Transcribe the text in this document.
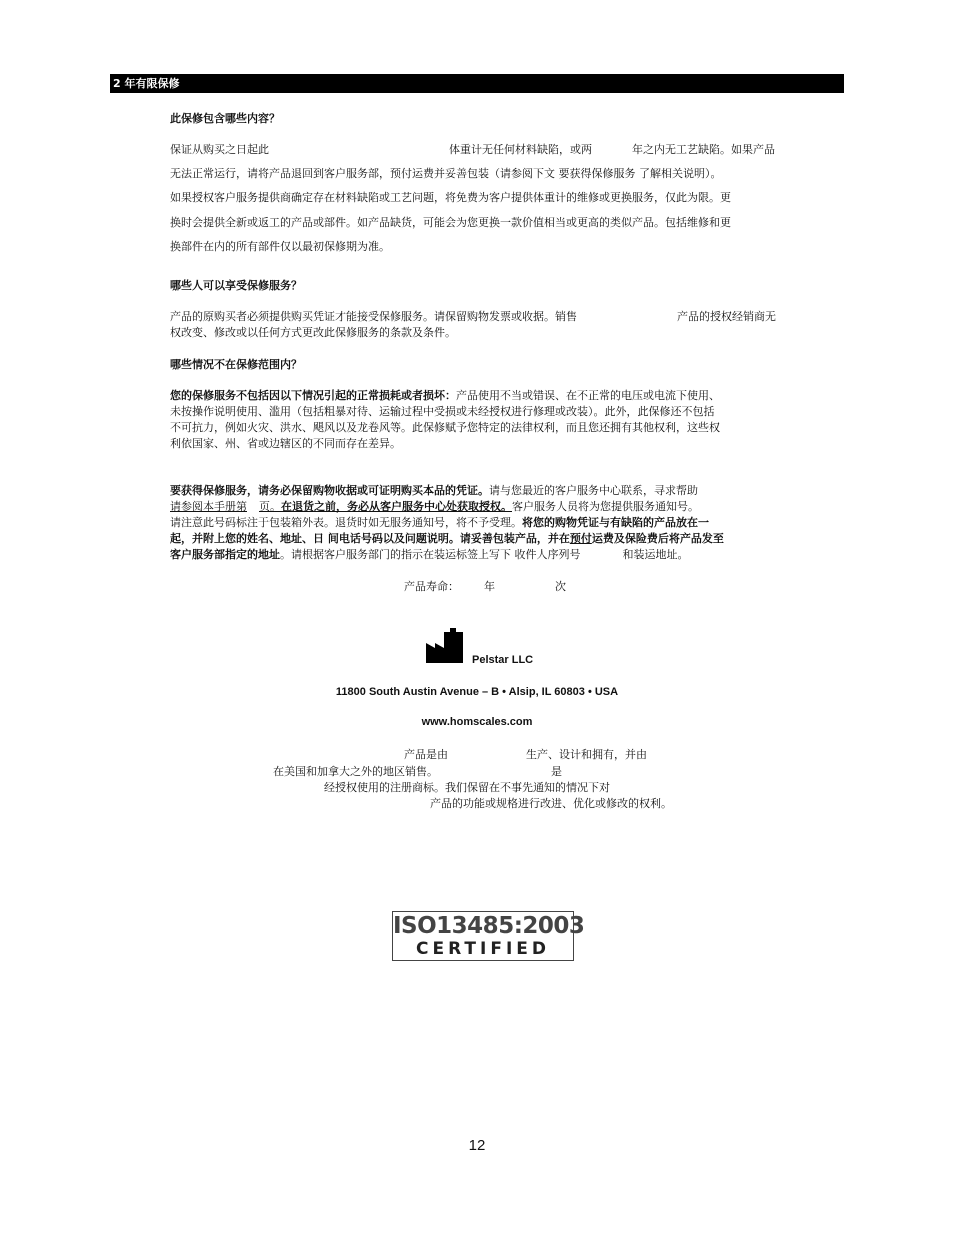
2 年有限保修
此保修包含哪些内容？
保证从购买之日起此	体重计无任何材料缺陷，或两	年之内无工艺缺陷。如果产品
无法正常运行，请将产品退回到客户服务部，预付运费并妥善包装（请参阅下文 要获得保修服务 了解相关说明）。
如果授权客户服务提供商确定存在材料缺陷或工艺问题，将免费为客户提供体重计的维修或更换服务，仅此为限。更
换时会提供全新或返工的产品或部件。如产品缺货，可能会为您更换一款价值相当或更高的类似产品。包括维修和更
换部件在内的所有部件仅以最初保修期为准。
哪些人可以享受保修服务？
产品的原购买者必须提供购买凭证才能接受保修服务。请保留购物发票或收据。销售	产品的授权经销商无
权改变、修改或以任何方式更改此保修服务的条款及条件。
哪些情况不在保修范围内？
您的保修服务不包括因以下情况引起的正常损耗或者损坏：产品使用不当或错误、在不正常的电压或电流下使用、
未按操作说明使用、滥用（包括粗暴对待、运输过程中受损或未经授权进行修理或改装）。此外，此保修还不包括
不可抗力，例如火灾、洪水、飓风以及龙卷风等。此保修赋予您特定的法律权利，而且您还拥有其他权利，这些权
利依国家、州、省或边辖区的不同而存在差异。
要获得保修服务，请务必保留购物收据或可证明购买本品的凭证。请与您最近的客户服务中心联系，寻求帮助
请参阅本手册第 页。在退货之前，务必从客户服务中心处获取授权。客户服务人员将为您提供服务通知号。
请注意此号码标注于包装箱外表。退货时如无服务通知号，将不予受理。将您的购物凭证与有缺陷的产品放在一
起，并附上您的姓名、地址、日 间电话号码以及问题说明。请妥善包装产品，并在预付运费及保险费后将产品发至
客户服务部指定的地址。请根据客户服务部门的指示在装运标签上写下 收件人序列号	和装运地址。
产品寿命： 年	次
Pelstar LLC
11800 South Austin Avenue – B • Alsip, IL 60803 • USA
www.homscales.com
产品是由	生产、设计和拥有，并由
在美国和加拿大之外的地区销售。	是
经授权使用的注册商标。我们保留在不事先通知的情况下对
产品的功能或规格进行改进、优化或修改的权利。
ISO13485:2003
CERTIFIED
12
